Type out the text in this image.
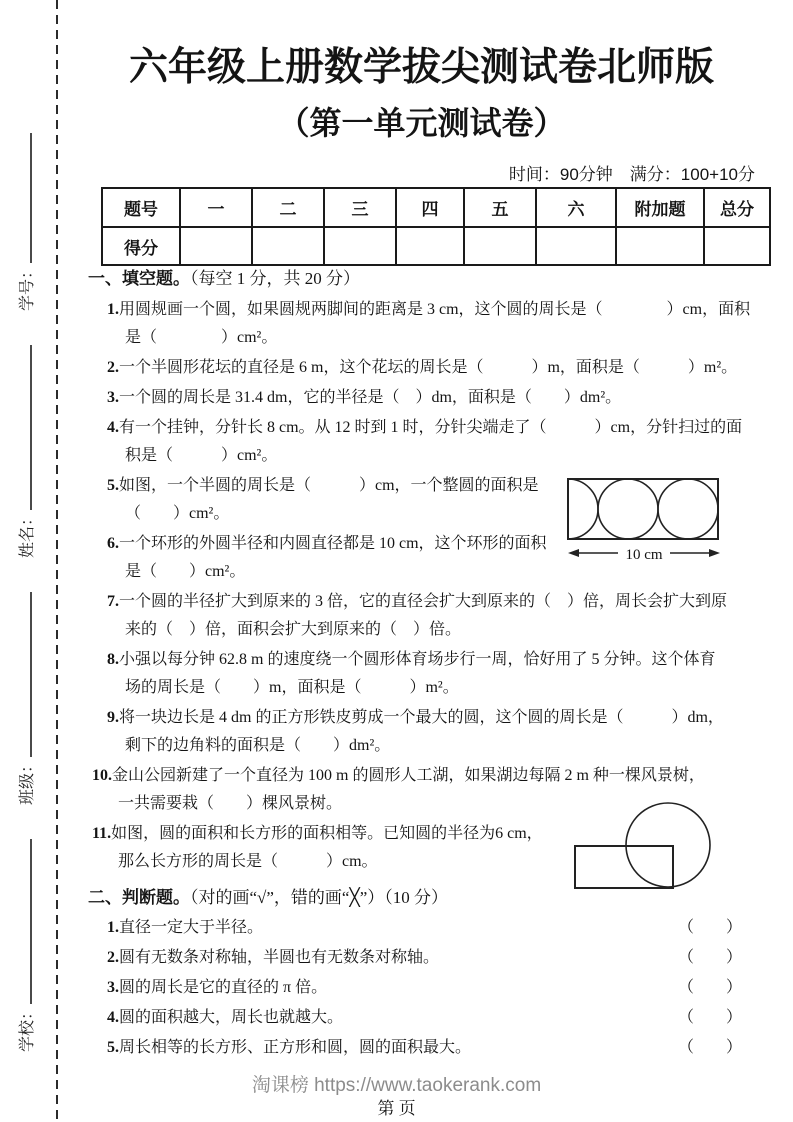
学校：班级：姓名：学号：
六年级上册数学拔尖测试卷北师版
（第一单元测试卷）
时间：90分钟　满分：100+10分
题号	一	二	三	四	五	六	附加题	总分
得分								
一、填空题。（每空 1 分，共 20 分）
1.用圆规画一个圆，如果圆规两脚间的距离是 3 cm，这个圆的周长是（　　　　）cm，面积
是（　　　　）cm²。
2.一个半圆形花坛的直径是 6 m，这个花坛的周长是（　　　）m，面积是（　　　）m²。
3.一个圆的周长是 31.4 dm，它的半径是（　）dm，面积是（　　）dm²。
4.有一个挂钟，分针长 8 cm。从 12 时到 1 时，分针尖端走了（　　　）cm，分针扫过的面
积是（　　　）cm²。
5.如图，一个半圆的周长是（　　　）cm，一个整圆的面积是
（　　）cm²。
6.一个环形的外圆半径和内圆直径都是 10 cm，这个环形的面积
是（　　）cm²。
7.一个圆的半径扩大到原来的 3 倍，它的直径会扩大到原来的（　）倍，周长会扩大到原
来的（　）倍，面积会扩大到原来的（　）倍。
8.小强以每分钟 62.8 m 的速度绕一个圆形体育场步行一周，恰好用了 5 分钟。这个体育
场的周长是（　　）m，面积是（　　　）m²。
9.将一块边长是 4 dm 的正方形铁皮剪成一个最大的圆，这个圆的周长是（　　　）dm，
剩下的边角料的面积是（　　）dm²。
10.金山公园新建了一个直径为 100 m 的圆形人工湖，如果湖边每隔 2 m 种一棵风景树，
一共需要栽（　　）棵风景树。
11.如图，圆的面积和长方形的面积相等。已知圆的半径为6 cm，
那么长方形的周长是（　　　）cm。
10 cm
二、判断题。（对的画“√”，错的画“╳”）（10 分）
1.直径一定大于半径。	（　　）
2.圆有无数条对称轴，半圆也有无数条对称轴。	（　　）
3.圆的周长是它的直径的 π 倍。	（　　）
4.圆的面积越大，周长也就越大。	（　　）
5.周长相等的长方形、正方形和圆，圆的面积最大。	（　　）
淘课榜 https://www.taokerank.com
第 页
